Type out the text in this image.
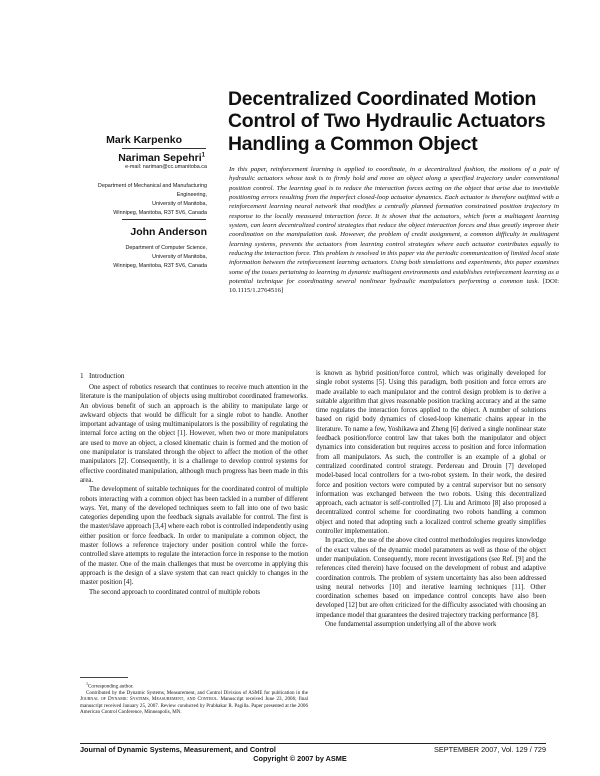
Decentralized Coordinated Motion Control of Two Hydraulic Actuators Handling a Common Object
Mark Karpenko
Nariman Sepehri$^1$
e-mail: nariman@cc.umanitoba.ca
Department of Mechanical and Manufacturing
Engineering,
University of Manitoba,
Winnipeg, Manitoba, R3T 5V6, Canada
John Anderson
Department of Computer Science,
University of Manitoba,
Winnipeg, Manitoba, R3T 5V6, Canada
In this paper, reinforcement learning is applied to coordinate, in a decentralized fashion, the motions of a pair of hydraulic actuators whose task is to firmly hold and move an object along a specified trajectory under conventional position control. The learning goal is to reduce the interaction forces acting on the object that arise due to inevitable positioning errors resulting from the imperfect closed-loop actuator dynamics. Each actuator is therefore outfitted with a reinforcement learning neural network that modifies a centrally planned formation constrained position trajectory in response to the locally measured interaction force. It is shown that the actuators, which form a multiagent learning system, can learn decentralized control strategies that reduce the object interaction forces and thus greatly improve their coordination on the manipulation task. However, the problem of credit assignment, a common difficulty in multiagent learning systems, prevents the actuators from learning control strategies where each actuator contributes equally to reducing the interaction force. This problem is resolved in this paper via the periodic communication of limited local state information between the reinforcement learning actuators. Using both simulations and experiments, this paper examines some of the issues pertaining to learning in dynamic multiagent environments and establishes reinforcement learning as a potential technique for coordinating several nonlinear hydraulic manipulators performing a common task. [DOI: 10.1115/1.2764516]
1 Introduction

One aspect of robotics research that continues to receive much attention in the literature is the manipulation of objects using multirobot coordinated frameworks. An obvious benefit of such an approach is the ability to manipulate large or awkward objects that would be difficult for a single robot to handle. Another important advantage of using multimanipulators is the possibility of regulating the internal force acting on the object [1]. However, when two or more manipulators are used to move an object, a closed kinematic chain is formed and the motion of one manipulator is translated through the object to affect the motion of the other manipulators [2]. Consequently, it is a challenge to develop control systems for effective coordinated manipulation, although much progress has been made in this area.

The development of suitable techniques for the coordinated control of multiple robots interacting with a common object has been tackled in a number of different ways. Yet, many of the developed techniques seem to fall into one of two basic categories depending upon the feedback signals available for control. The first is the master/slave approach [3,4] where each robot is controlled independently using either position or force feedback. In order to manipulate a common object, the master follows a reference trajectory under position control while the force-controlled slave attempts to regulate the interaction force in response to the motion of the master. One of the main challenges that must be overcome in applying this approach is the design of a slave system that can react quickly to changes in the master position [4].

The second approach to coordinated control of multiple robots

$^1$Corresponding author.

Contributed by the Dynamic Systems, Measurement, and Control Division of ASME for publication in the Journal of Dynamic Systems, Measurement, and Control. Manuscript received June 23, 2006; final manuscript received January 25, 2007. Review conducted by Prabhakar R. Pagilla. Paper presented at the 2006 American Control Conference, Minneapolis, MN.

is known as hybrid position/force control, which was originally developed for single robot systems [5]. Using this paradigm, both position and force errors are made available to each manipulator and the control design problem is to derive a suitable algorithm that gives reasonable position tracking accuracy and at the same time regulates the interaction forces applied to the object. A number of solutions based on rigid body dynamics of closed-loop kinematic chains appear in the literature. To name a few, Yoshikawa and Zheng [6] derived a single nonlinear state feedback position/force control law that takes both the manipulator and object dynamics into consideration but requires access to position and force information from all manipulators. As such, the controller is an example of a global or centralized coordinated control strategy. Perdereau and Drouin [7] developed model-based local controllers for a two-robot system. In their work, the desired force and position vectors were computed by a central supervisor but no sensory information was exchanged between the two robots. Using this decentralized approach, each actuator is self-controlled [7]. Liu and Arimoto [8] also proposed a decentralized control scheme for coordinating two robots handling a common object and noted that adopting such a localized control scheme greatly simplifies controller implementation.

In practice, the use of the above cited control methodologies requires knowledge of the exact values of the dynamic model parameters as well as those of the object under manipulation. Consequently, more recent investigations (see Ref. [9] and the references cited therein) have focused on the development of robust and adaptive coordination controls. The problem of system uncertainty has also been addressed using neural networks [10] and iterative learning techniques [11]. Other coordination schemes based on impedance control concepts have also been developed [12] but are often criticized for the difficulty associated with choosing an impedance model that guarantees the desired trajectory tracking performance [8].

One fundamental assumption underlying all of the above work

Journal of Dynamic Systems, Measurement, and Control
Copyright © 2007 by ASME
SEPTEMBER 2007, Vol. 129 / 729
